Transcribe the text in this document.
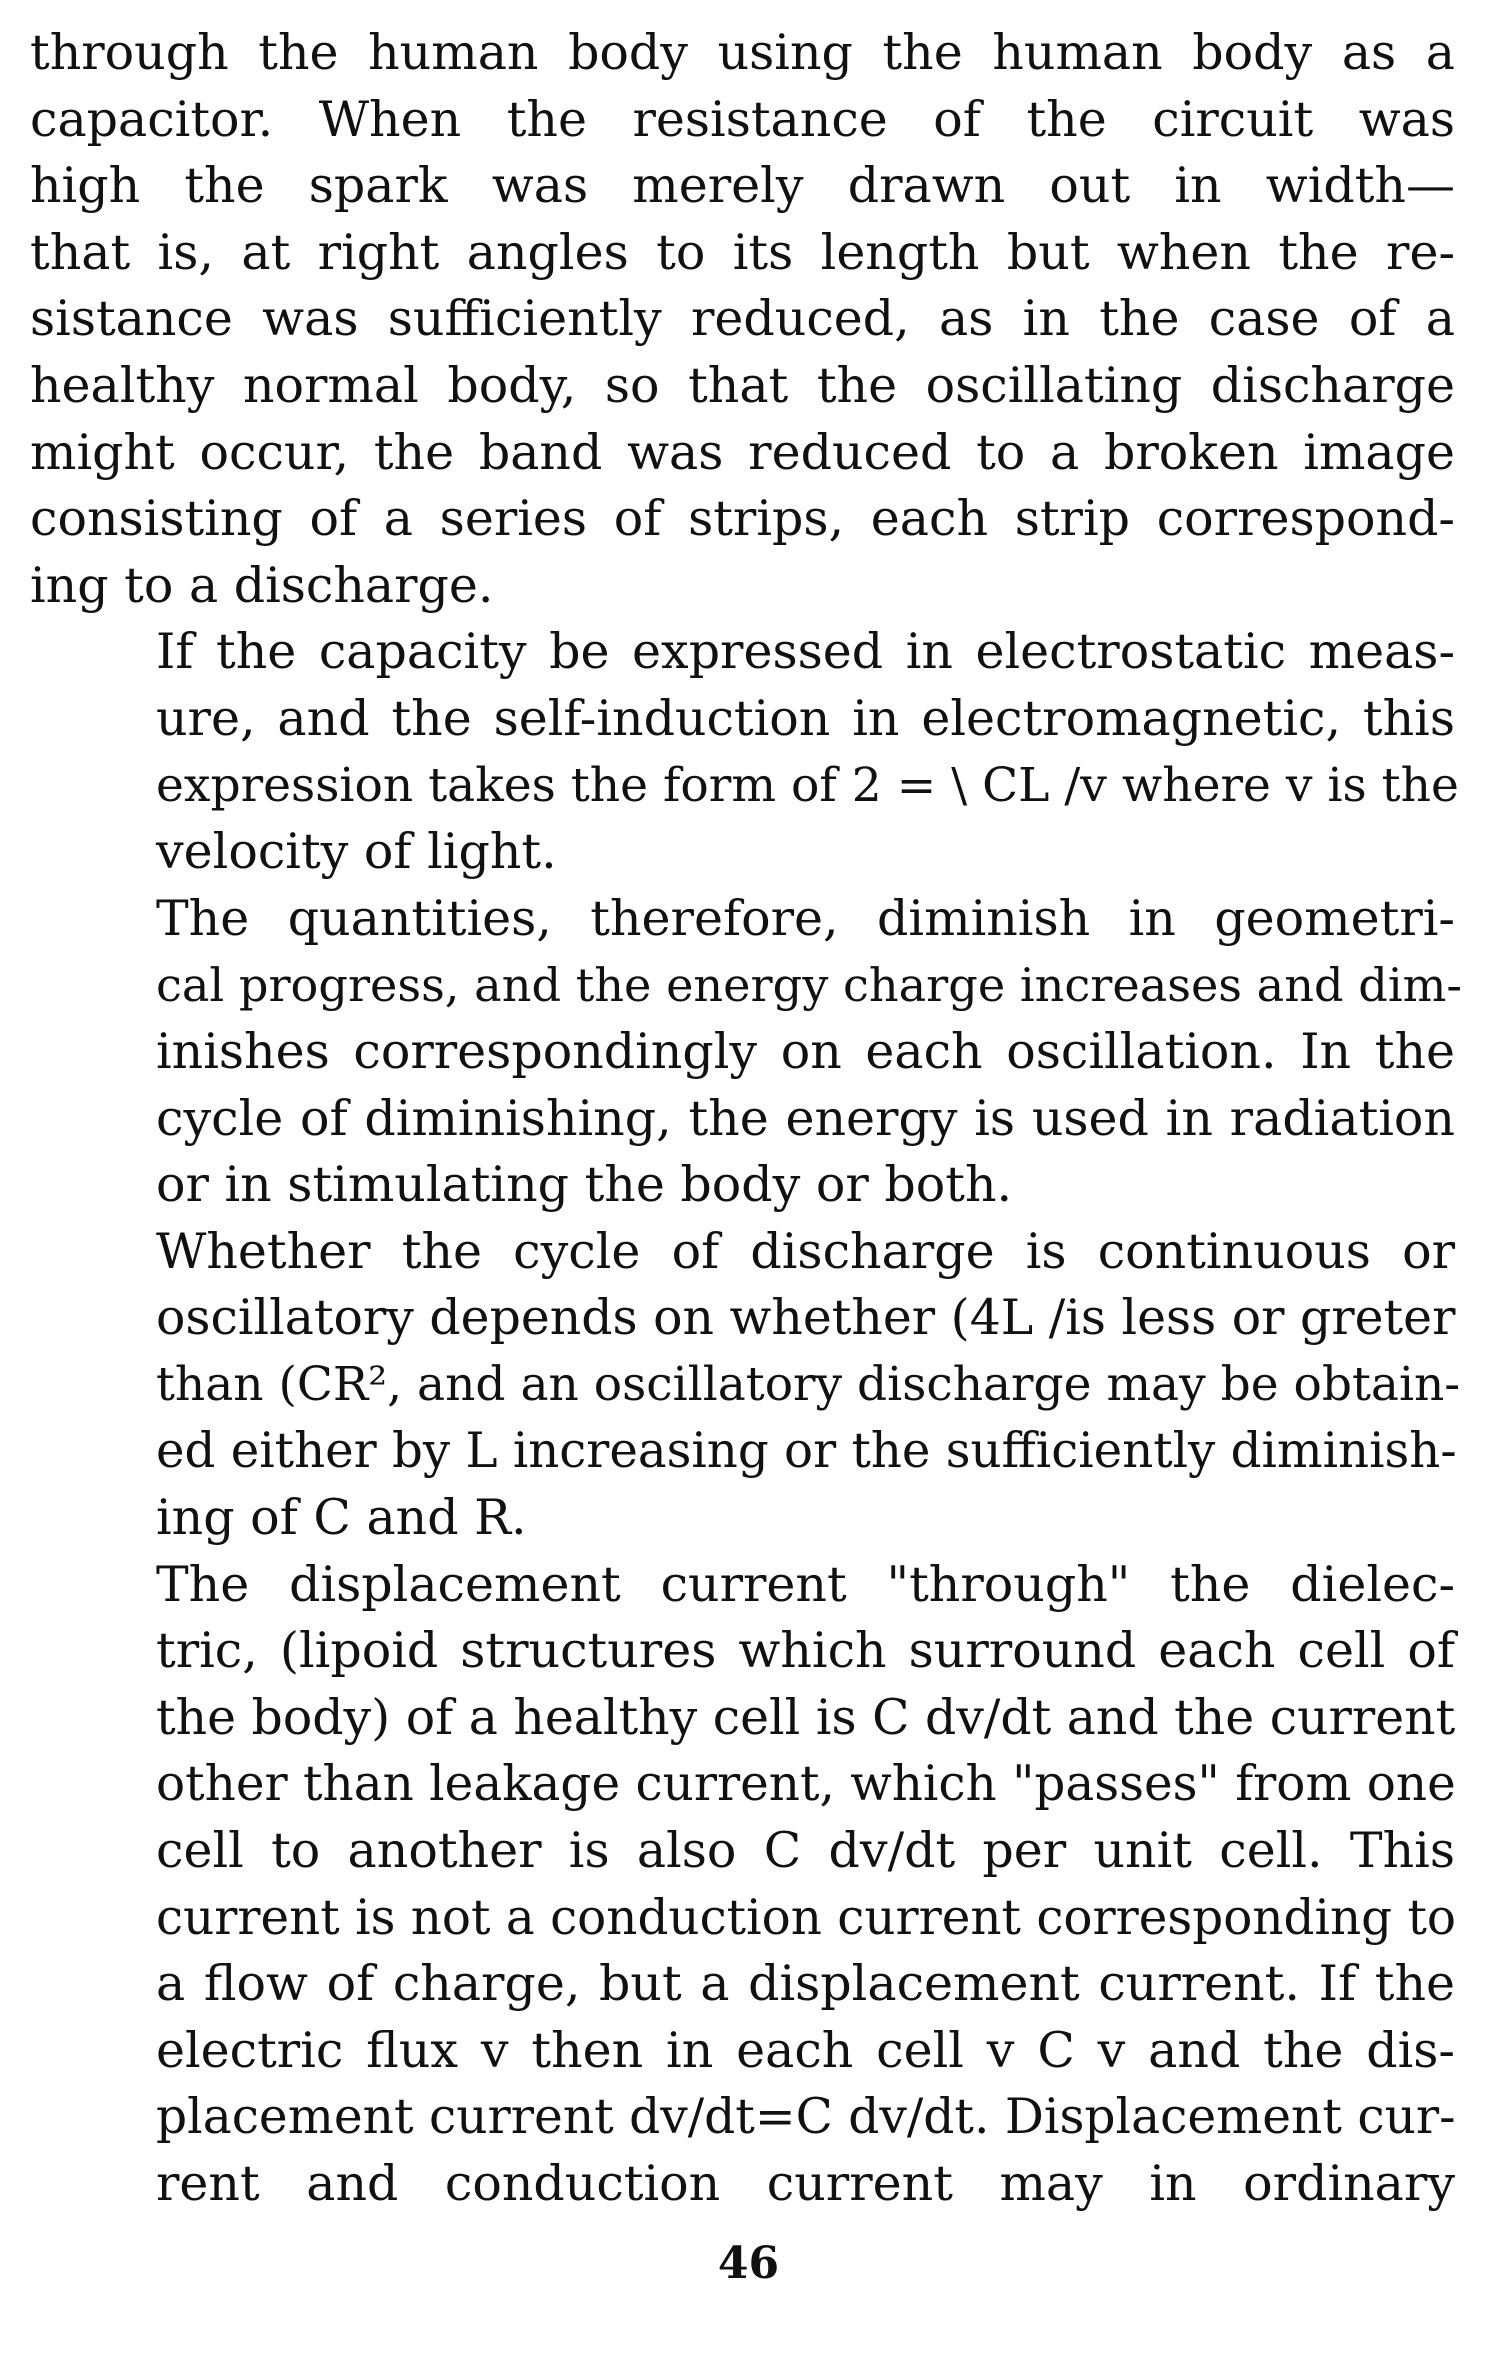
through the human body using the human body as a
capacitor. When the resistance of the circuit was
high the spark was merely drawn out in width—
that is, at right angles to its length but when the re-
sistance was sufficiently reduced, as in the case of a
healthy normal body, so that the oscillating discharge
might occur, the band was reduced to a broken image
consisting of a series of strips, each strip correspond-
ing to a discharge.

If the capacity be expressed in electrostatic meas-
ure, and the self-induction in electromagnetic, this
expression takes the form of 2 = \ CL /v where v is the
velocity of light.

The quantities, therefore, diminish in geometri-
cal progress, and the energy charge increases and dim-
inishes correspondingly on each oscillation. In the
cycle of diminishing, the energy is used in radiation
or in stimulating the body or both.

Whether the cycle of discharge is continuous or
oscillatory depends on whether (4L /is less or greter
than (CR², and an oscillatory discharge may be obtain-
ed either by L increasing or the sufficiently diminish-
ing of C and R.

The displacement current "through" the dielec-
tric, (lipoid structures which surround each cell of
the body) of a healthy cell is C dv/dt and the current
other than leakage current, which "passes" from one
cell to another is also C dv/dt per unit cell. This
current is not a conduction current corresponding to
a flow of charge, but a displacement current. If the
electric flux v then in each cell v C v and the dis-
placement current dv/dt=C dv/dt. Displacement cur-
rent and conduction current may in ordinary

46
